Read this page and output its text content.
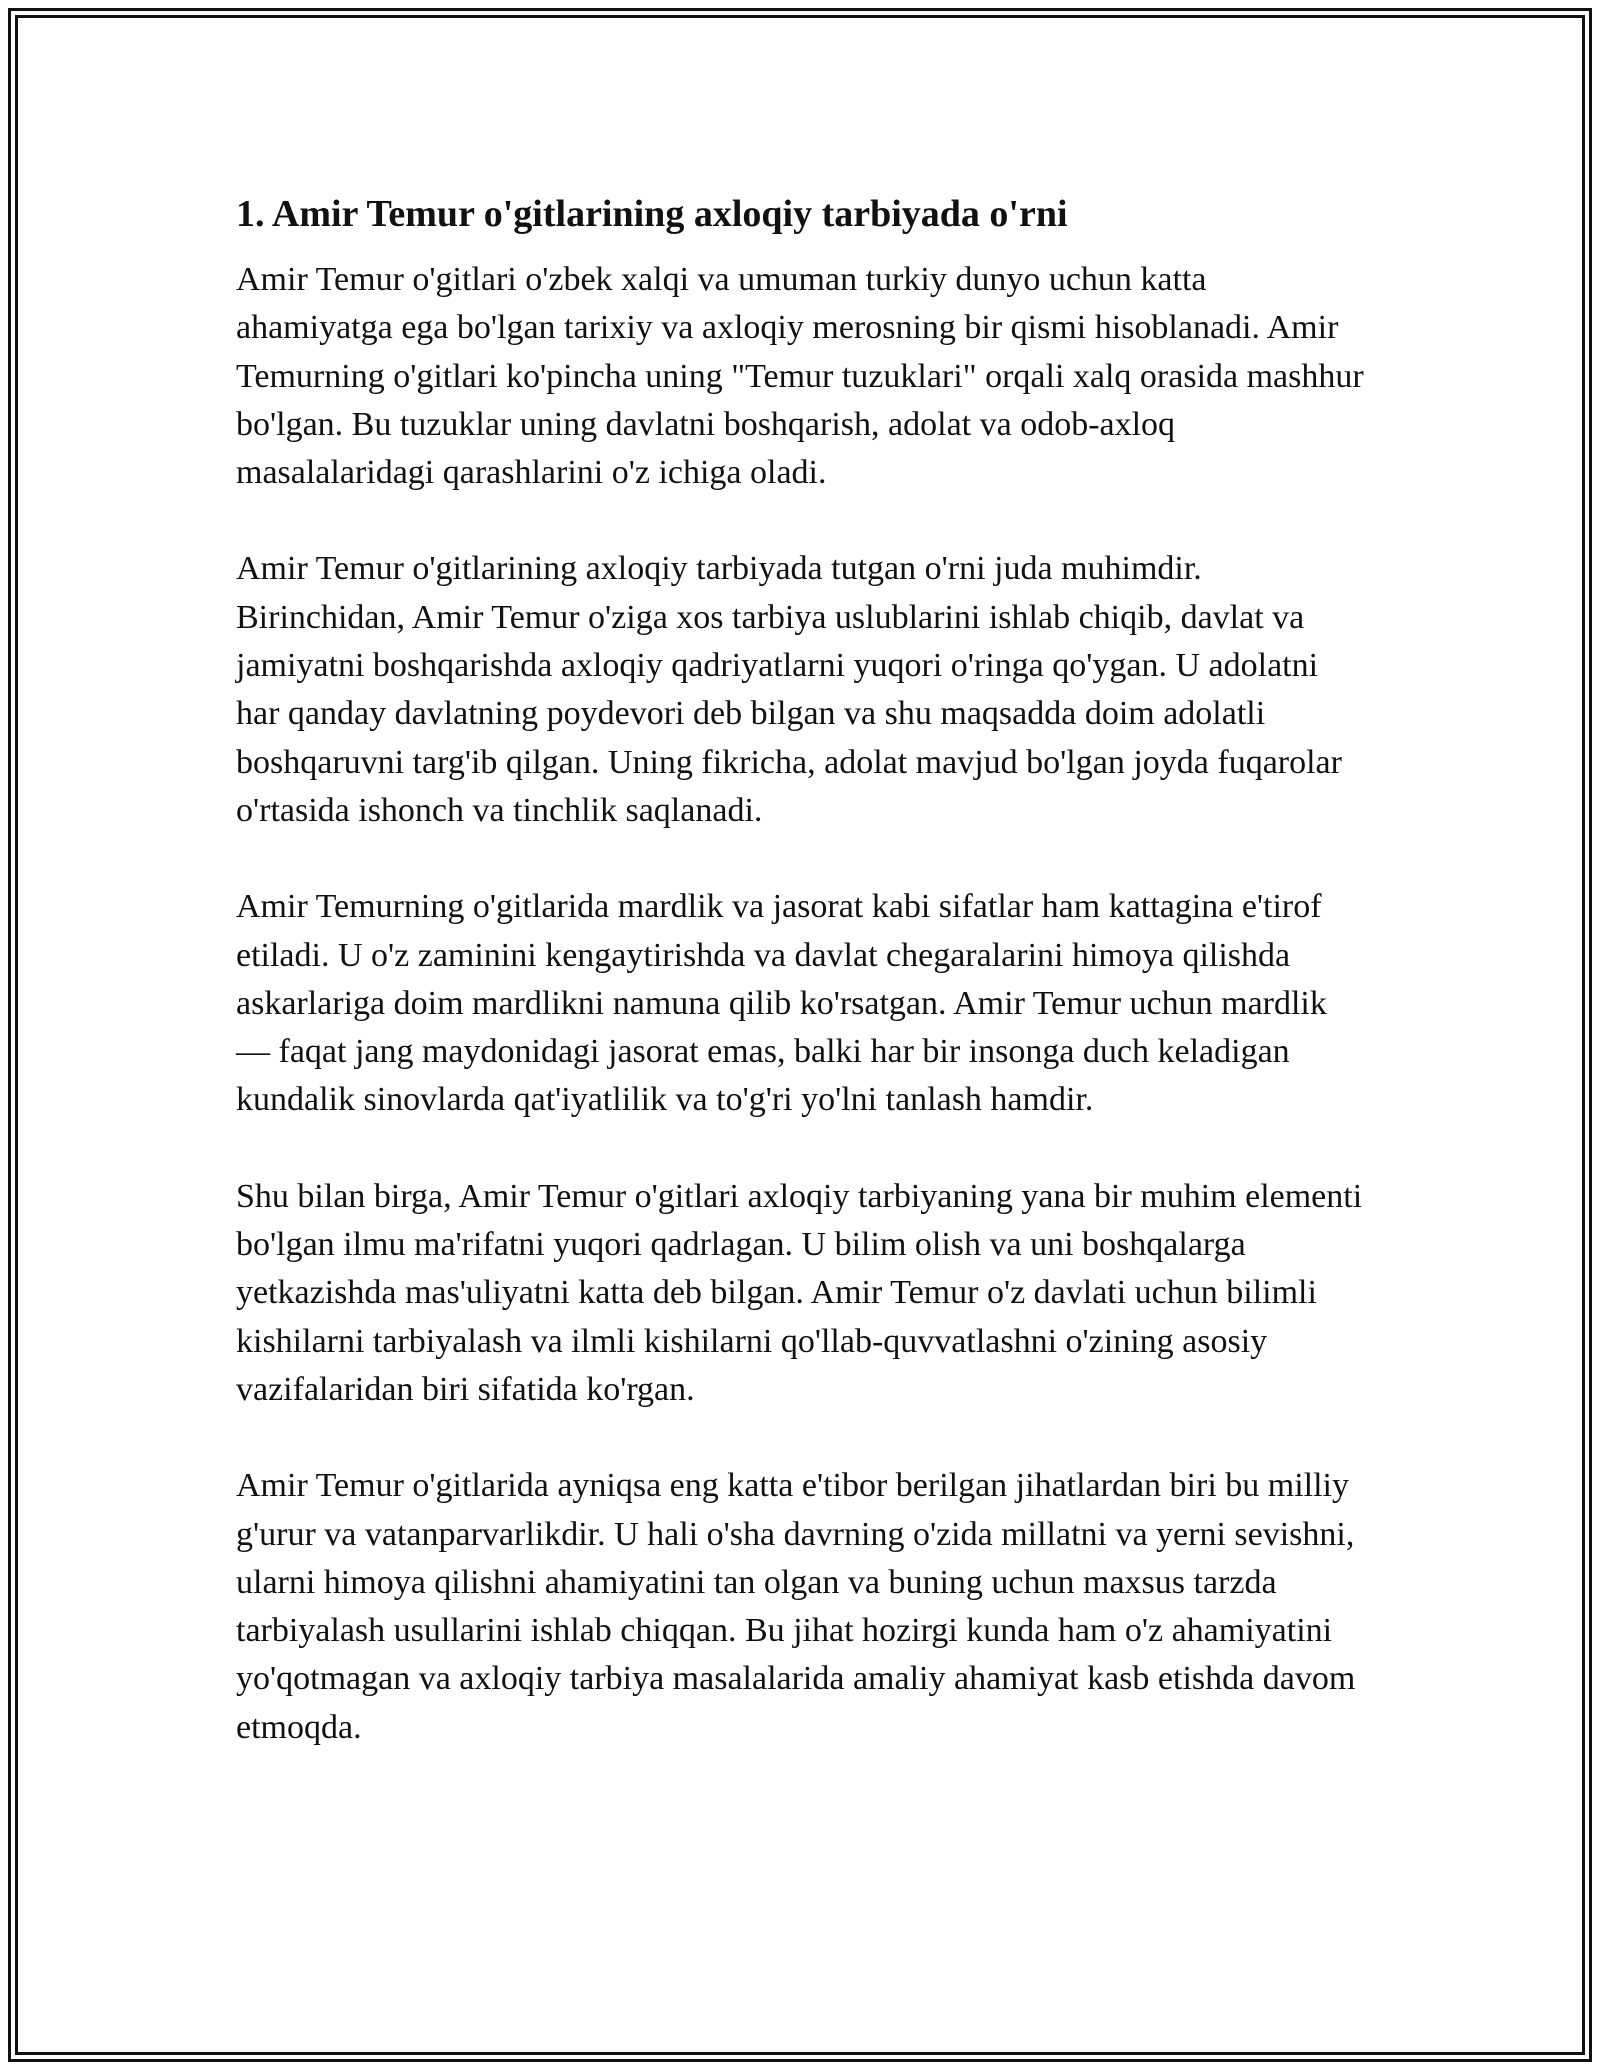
1. Amir Temur o'gitlarining axloqiy tarbiyada o'rni

Amir Temur o'gitlari o'zbek xalqi va umuman turkiy dunyo uchun katta ahamiyatga ega bo'lgan tarixiy va axloqiy merosning bir qismi hisoblanadi. Amir Temurning o'gitlari ko'pincha uning "Temur tuzuklari" orqali xalq orasida mashhur bo'lgan. Bu tuzuklar uning davlatni boshqarish, adolat va odob-axloq masalalaridagi qarashlarini o'z ichiga oladi.

Amir Temur o'gitlarining axloqiy tarbiyada tutgan o'rni juda muhimdir. Birinchidan, Amir Temur o'ziga xos tarbiya uslublarini ishlab chiqib, davlat va jamiyatni boshqarishda axloqiy qadriyatlarni yuqori o'ringa qo'ygan. U adolatni har qanday davlatning poydevori deb bilgan va shu maqsadda doim adolatli boshqaruvni targ'ib qilgan. Uning fikricha, adolat mavjud bo'lgan joyda fuqarolar o'rtasida ishonch va tinchlik saqlanadi.

Amir Temurning o'gitlarida mardlik va jasorat kabi sifatlar ham kattagina e'tirof etiladi. U o'z zaminini kengaytirishda va davlat chegaralarini himoya qilishda askarlariga doim mardlikni namuna qilib ko'rsatgan. Amir Temur uchun mardlik — faqat jang maydonidagi jasorat emas, balki har bir insonga duch keladigan kundalik sinovlarda qat'iyatlilik va to'g'ri yo'lni tanlash hamdir.

Shu bilan birga, Amir Temur o'gitlari axloqiy tarbiyaning yana bir muhim elementi bo'lgan ilmu ma'rifatni yuqori qadrlagan. U bilim olish va uni boshqalarga yetkazishda mas'uliyatni katta deb bilgan. Amir Temur o'z davlati uchun bilimli kishilarni tarbiyalash va ilmli kishilarni qo'llab-quvvatlashni o'zining asosiy vazifalaridan biri sifatida ko'rgan.

Amir Temur o'gitlarida ayniqsa eng katta e'tibor berilgan jihatlardan biri bu milliy g'urur va vatanparvarlikdir. U hali o'sha davrning o'zida millatni va yerni sevishni, ularni himoya qilishni ahamiyatini tan olgan va buning uchun maxsus tarzda tarbiyalash usullarini ishlab chiqqan. Bu jihat hozirgi kunda ham o'z ahamiyatini yo'qotmagan va axloqiy tarbiya masalalarida amaliy ahamiyat kasb etishda davom etmoqda.
